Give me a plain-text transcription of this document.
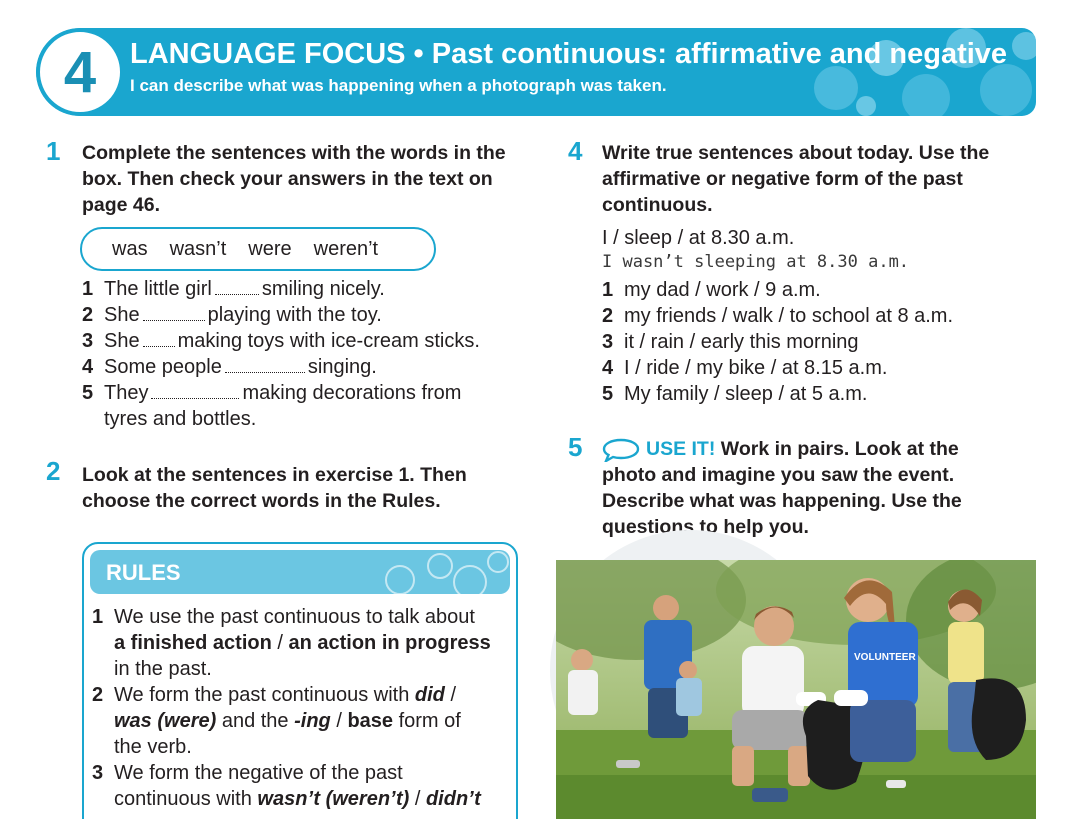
4 LANGUAGE FOCUS • Past continuous: affirmative and negative
I can describe what was happening when a photograph was taken.
1 Complete the sentences with the words in the
box. Then check your answers in the text on
page 46.
was wasn’t were weren’t
1 The little girl	smiling nicely.
2 She	playing with the toy.
3 She making toys with ice-cream sticks.
4 Some people	singing.
5 They	making decorations from
tyres and bottles.
2 Look at the sentences in exercise 1. Then
choose the correct words in the Rules.
RULES
1 We use the past continuous to talk about
a finished action / an action in progress
in the past.
2 We form the past continuous with did /
was (were) and the -ing / base form of
the verb.
3 We form the negative of the past
continuous with wasn’t (weren’t) / didn’t
4 Write true sentences about today. Use the
affirmative or negative form of the past
continuous.
I / sleep / at 8.30 a.m.
I wasn’t sleeping at 8.30 a.m.
1 my dad / work / 9 a.m.
2 my friends / walk / to school at 8 a.m.
3 it / rain / early this morning
4 I / ride / my bike / at 8.15 a.m.
5 My family / sleep / at 5 a.m.
5	USE IT! Work in pairs. Look at the
photo and imagine you saw the event.
Describe what was happening. Use the
questions to help you.
VOLUNTEER
